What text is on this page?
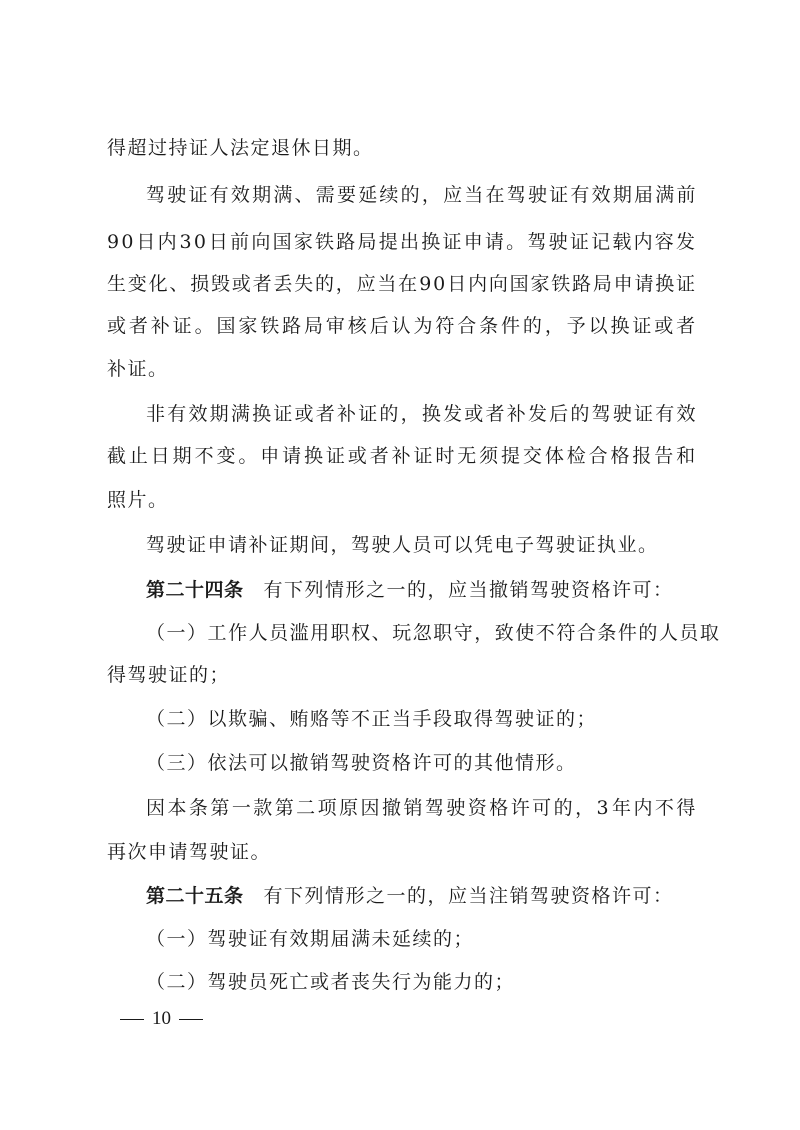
得超过持证人法定退休日期。
驾 驶 证 有 效 期 满 、 需 要 延 续 的 ， 应 当 在 驾 驶 证 有 效 期 届 满 前
9 0 日 内 3 0 日 前 向 国 家 铁 路 局 提 出 换 证 申 请 。 驾 驶 证 记 载 内 容 发
生 变 化 、 损 毁 或 者 丢 失 的 ， 应 当 在 9 0 日 内 向 国 家 铁 路 局 申 请 换 证
或 者 补 证 。 国 家 铁 路 局 审 核 后 认 为 符 合 条 件 的 ， 予 以 换 证 或 者
补证。
非 有 效 期 满 换 证 或 者 补 证 的 ， 换 发 或 者 补 发 后 的 驾 驶 证 有 效
截 止 日 期 不 变 。 申 请 换 证 或 者 补 证 时 无 须 提 交 体 检 合 格 报 告 和
照片。
驾驶证申请补证期间，驾驶人员可以凭电子驾驶证执业。
第二十四条 有下列情形之一的，应当撤销驾驶资格许可：
（ 一 ） 工 作 人 员 滥 用 职 权 、 玩 忽 职 守 ， 致 使 不 符 合 条 件 的 人 员 取
得驾驶证的；
（二）以欺骗、贿赂等不正当手段取得驾驶证的；
（三）依法可以撤销驾驶资格许可的其他情形。
因 本 条 第 一 款 第 二 项 原 因 撤 销 驾 驶 资 格 许 可 的 ， 3 年 内 不 得
再次申请驾驶证。
第二十五条 有下列情形之一的，应当注销驾驶资格许可：
（一）驾驶证有效期届满未延续的；
（二）驾驶员死亡或者丧失行为能力的；
10
